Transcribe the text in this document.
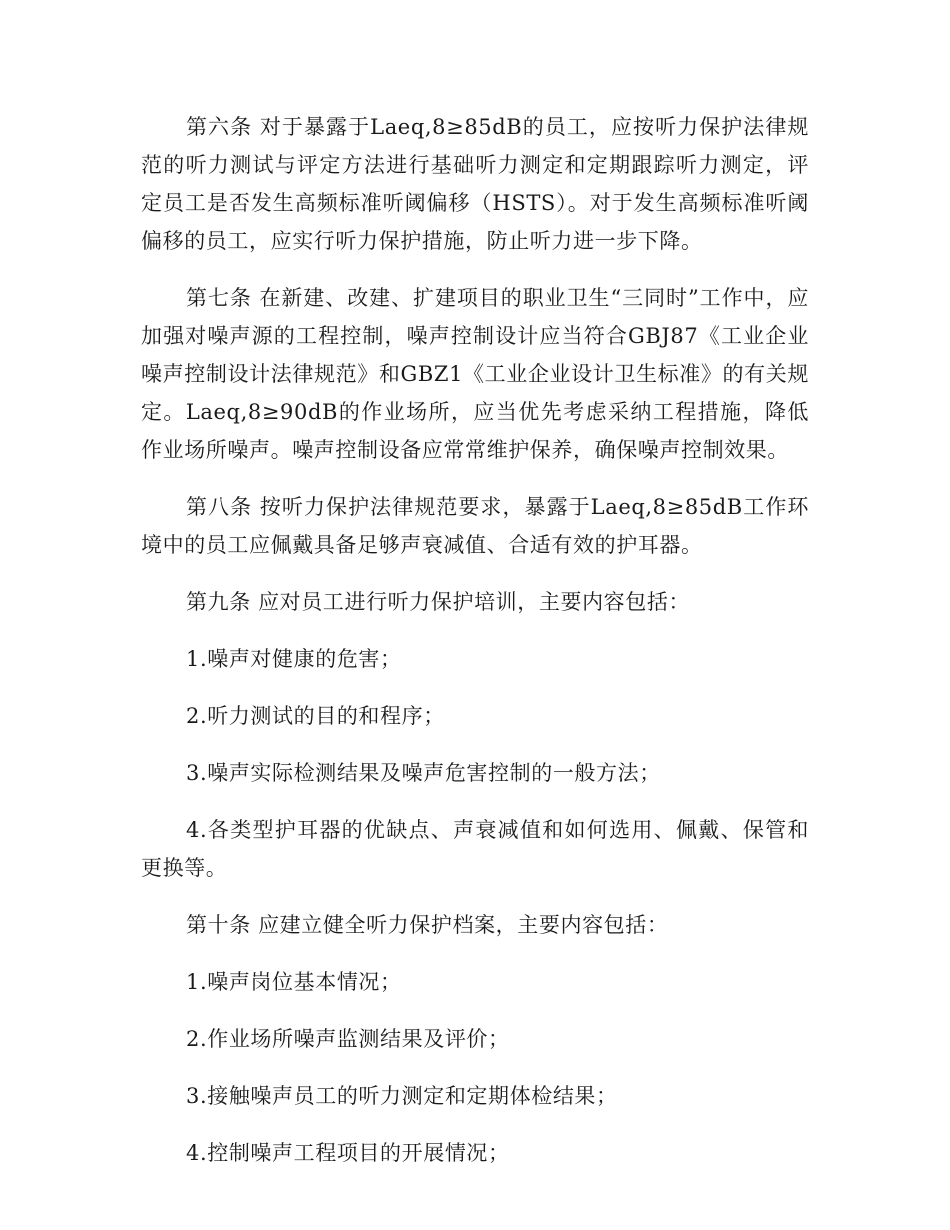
第六条 对于暴露于Laeq,8≥85dB的员工，应按听力保护法律规范的听力测试与评定方法进行基础听力测定和定期跟踪听力测定，评定员工是否发生高频标准听阈偏移（HSTS）。对于发生高频标准听阈偏移的员工，应实行听力保护措施，防止听力进一步下降。

第七条 在新建、改建、扩建项目的职业卫生“三同时”工作中，应加强对噪声源的工程控制，噪声控制设计应当符合GBJ87《工业企业噪声控制设计法律规范》和GBZ1《工业企业设计卫生标准》的有关规定。Laeq,8≥90dB的作业场所，应当优先考虑采纳工程措施，降低作业场所噪声。噪声控制设备应常常维护保养，确保噪声控制效果。

第八条 按听力保护法律规范要求，暴露于Laeq,8≥85dB工作环境中的员工应佩戴具备足够声衰减值、合适有效的护耳器。

第九条 应对员工进行听力保护培训，主要内容包括：

1.噪声对健康的危害；

2.听力测试的目的和程序；

3.噪声实际检测结果及噪声危害控制的一般方法；

4.各类型护耳器的优缺点、声衰减值和如何选用、佩戴、保管和更换等。

第十条 应建立健全听力保护档案，主要内容包括：

1.噪声岗位基本情况；

2.作业场所噪声监测结果及评价；

3.接触噪声员工的听力测定和定期体检结果；

4.控制噪声工程项目的开展情况；
